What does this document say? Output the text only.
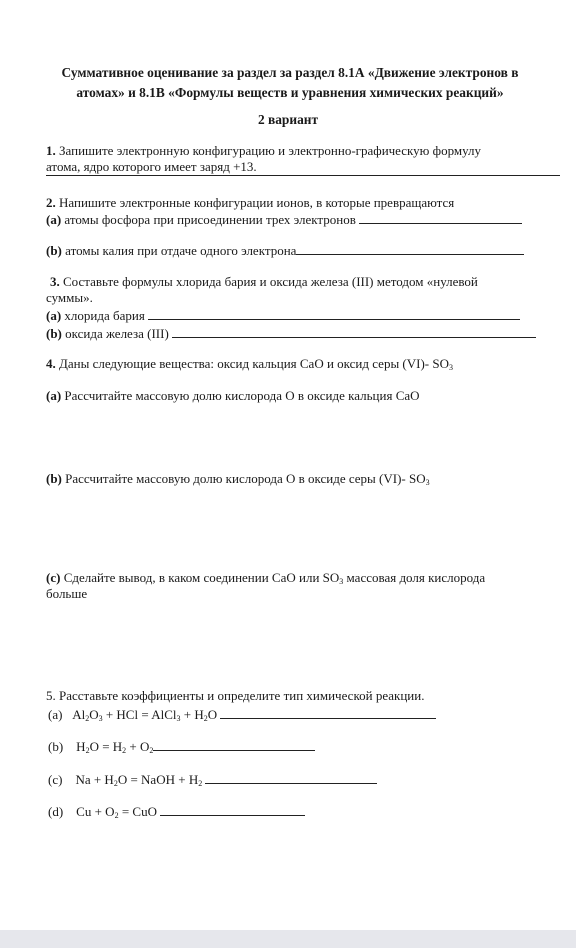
Суммативное оценивание за раздел за раздел 8.1А «Движение электронов в
атомах» и 8.1В «Формулы веществ и уравнения химических реакций»
2 вариант
1. Запишите электронную конфигурацию и электронно-графическую формулу
атома, ядро которого имеет заряд +13.
2. Напишите электронные конфигурации ионов, в которые превращаются
(a) атомы фосфора при присоединении трех электронов
(b) атомы калия при отдаче одного электрона
3. Составьте формулы хлорида бария и оксида железа (III) методом «нулевой
суммы».
(a) хлорида бария
(b) оксида железа (III)
4. Даны следующие вещества: оксид кальция CaO и оксид серы (VI)- $SO_3$
(a) Рассчитайте массовую долю кислорода О в оксиде кальция CaO
(b) Рассчитайте массовую долю кислорода О в оксиде серы (VI)- $SO_3$
(c) Сделайте вывод, в каком соединении CaO или $SO_3$ массовая доля кислорода
больше
5. Расставьте коэффициенты и определите тип химической реакции.
(a) $Al_2O_3$ + HCl = AlCl$_3$ + $H_2O$
(b) $H_2O = H_2 + O_2$
(c) $Na + H_2O$ = NaOH + $H_2$
(d) $Cu + O_2$ = CuO
